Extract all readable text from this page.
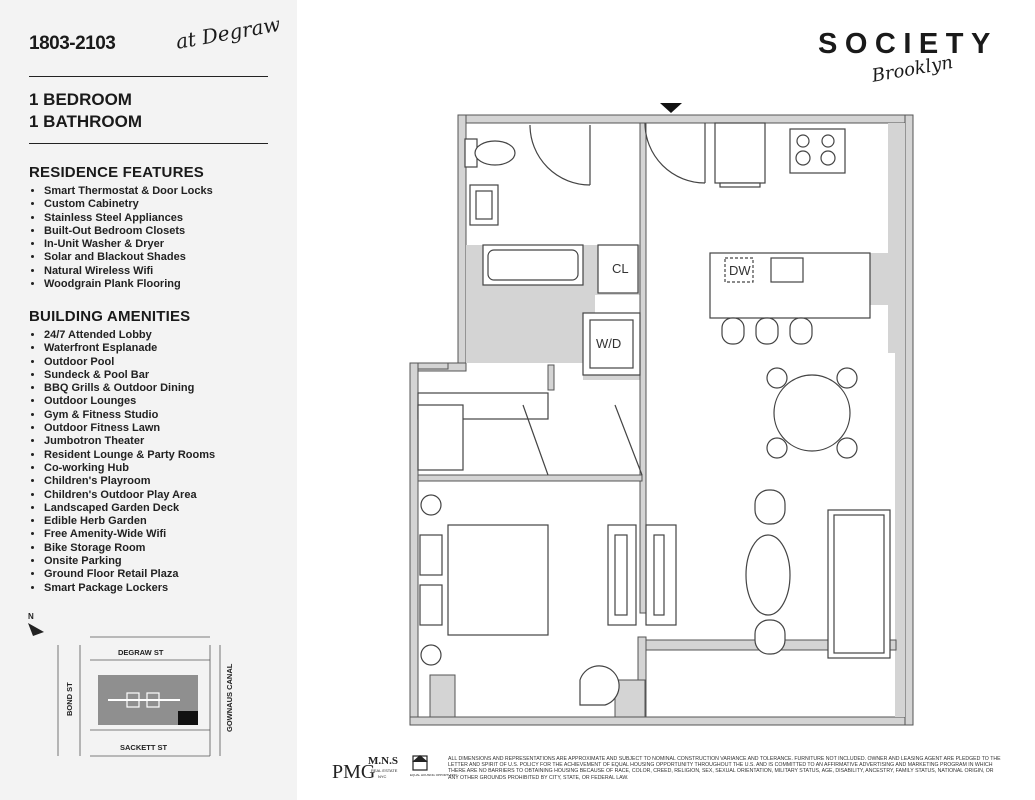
1803-2103	at Degraw
1 BEDROOM
1 BATHROOM
RESIDENCE FEATURES
• Smart Thermostat & Door Locks
• Custom Cabinetry
• Stainless Steel Appliances
• Built-Out Bedroom Closets
• In-Unit Washer & Dryer
• Solar and Blackout Shades
• Natural Wireless Wifi
• Woodgrain Plank Flooring
BUILDING AMENITIES
• 24/7 Attended Lobby
• Waterfront Esplanade
• Outdoor Pool
• Sundeck & Pool Bar
• BBQ Grills & Outdoor Dining
• Outdoor Lounges
• Gym & Fitness Studio
• Outdoor Fitness Lawn
• Jumbotron Theater
• Resident Lounge & Party Rooms
• Co-working Hub
• Children's Playroom
• Children's Outdoor Play Area
• Landscaped Garden Deck
• Edible Herb Garden
• Free Amenity-Wide Wifi
• Bike Storage Room
• Onsite Parking
• Ground Floor Retail Plaza
• Smart Package Lockers
N
DEGRAW ST
SACKETT ST
BOND ST	GOWNAUS CANAL
SOCIETY
Brooklyn
CL
W/D
DW
PMG
M.N.S
REAL ESTATE
NYC	EQUAL HOUSING OPPORTUNITY
ALL DIMENSIONS AND REPRESENTATIONS ARE APPROXIMATE AND SUBJECT TO NOMINAL CONSTRUCTION VARIANCE AND TOLERANCE. FURNITURE NOT INCLUDED. OWNER AND LEASING AGENT ARE PLEDGED TO THE LETTER AND SPIRIT OF U.S. POLICY FOR THE ACHIEVEMENT OF EQUAL HOUSING OPPORTUNITY THROUGHOUT THE U.S. AND IS COMMITTED TO AN AFFIRMATIVE ADVERTISING AND MARKETING PROGRAM IN WHICH THERE ARE NO BARRIERS TO OBTAINING HOUSING BECAUSE OF RACE, COLOR, CREED, RELIGION, SEX, SEXUAL ORIENTATION, MILITARY STATUS, AGE, DISABILITY, ANCESTRY, FAMILY STATUS, NATIONAL ORIGIN, OR ANY OTHER GROUNDS PROHIBITED BY CITY, STATE, OR FEDERAL LAW.
